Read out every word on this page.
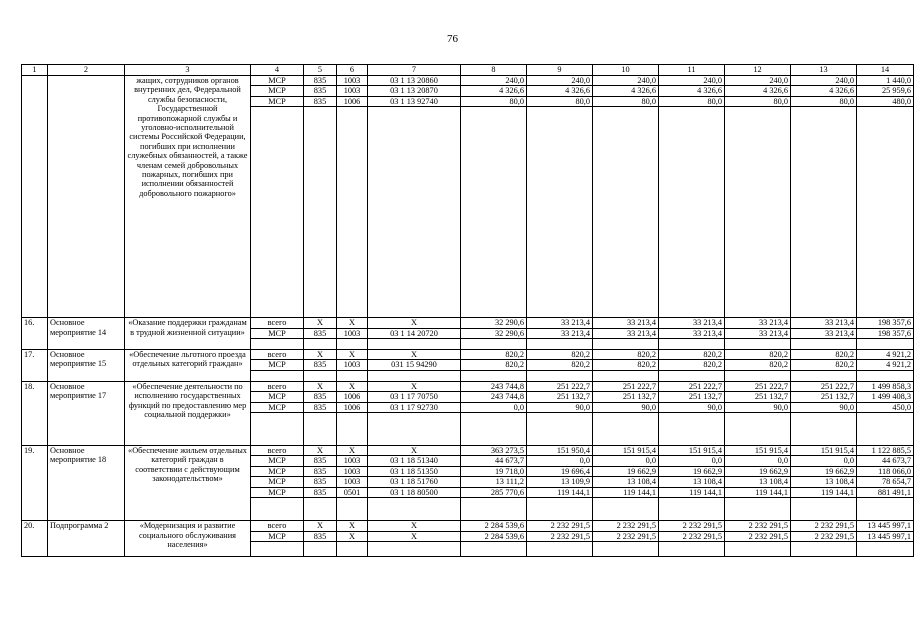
76
1	2	3	4	5	6	7	8	9	10	11	12	13	14
		жащих, сотрудников органов внутренних дел, Федеральной службы безопасности, Государственной противопожарной службы и уголовно-исполнительной системы Российской Федерации, погибших при исполнении служебных обязанностей, а также членам семей добровольных пожарных, погибших при исполнении обязанностей добровольного пожарного»	МСР	835	1003	03 1 13 20860	240,0	240,0	240,0	240,0	240,0	240,0	1 440,0
			МСР	835	1003	03 1 13 20870	4 326,6	4 326,6	4 326,6	4 326,6	4 326,6	4 326,6	25 959,6
			МСР	835	1006	03 1 13 92740	80,0	80,0	80,0	80,0	80,0	80,0	480,0

16.	Основное мероприятие 14	«Оказание поддержки гражданам в трудной жизненной ситуации»	всего	X	X	X	32 290,6	33 213,4	33 213,4	33 213,4	33 213,4	33 213,4	198 357,6
			МСР	835	1003	03 1 14 20720	32 290,6	33 213,4	33 213,4	33 213,4	33 213,4	33 213,4	198 357,6

17.	Основное мероприятие 15	«Обеспечение льготного проезда отдельных категорий граждан»	всего	X	X	X	820,2	820,2	820,2	820,2	820,2	820,2	4 921,2
			МСР	835	1003	031 15 94290	820,2	820,2	820,2	820,2	820,2	820,2	4 921,2

18.	Основное мероприятие 17	«Обеспечение деятельности по исполнению государственных функций по предоставлению мер социальной поддержки»	всего	X	X	X	243 744,8	251 222,7	251 222,7	251 222,7	251 222,7	251 222,7	1 499 858,3
			МСР	835	1006	03 1 17 70750	243 744,8	251 132,7	251 132,7	251 132,7	251 132,7	251 132,7	1 499 408,3
			МСР	835	1006	03 1 17 92730	0,0	90,0	90,0	90,0	90,0	90,0	450,0

19.	Основное мероприятие 18	«Обеспечение жильем отдельных категорий граждан в соответствии с действующим законодательством»	всего	X	X	X	363 273,5	151 950,4	151 915,4	151 915,4	151 915,4	151 915,4	1 122 885,5
			МСР	835	1003	03 1 18 51340	44 673,7	0,0	0,0	0,0	0,0	0,0	44 673,7
			МСР	835	1003	03 1 18 51350	19 718,0	19 696,4	19 662,9	19 662,9	19 662,9	19 662,9	118 066,0
			МСР	835	1003	03 1 18 51760	13 111,2	13 109,9	13 108,4	13 108,4	13 108,4	13 108,4	78 654,7
			МСР	835	0501	03 1 18 80500	285 770,6	119 144,1	119 144,1	119 144,1	119 144,1	119 144,1	881 491,1

20.	Подпрограмма 2	«Модернизация и развитие социального обслуживания населения»	всего	X	X	X	2 284 539,6	2 232 291,5	2 232 291,5	2 232 291,5	2 232 291,5	2 232 291,5	13 445 997,1
			МСР	835	X	X	2 284 539,6	2 232 291,5	2 232 291,5	2 232 291,5	2 232 291,5	2 232 291,5	13 445 997,1
